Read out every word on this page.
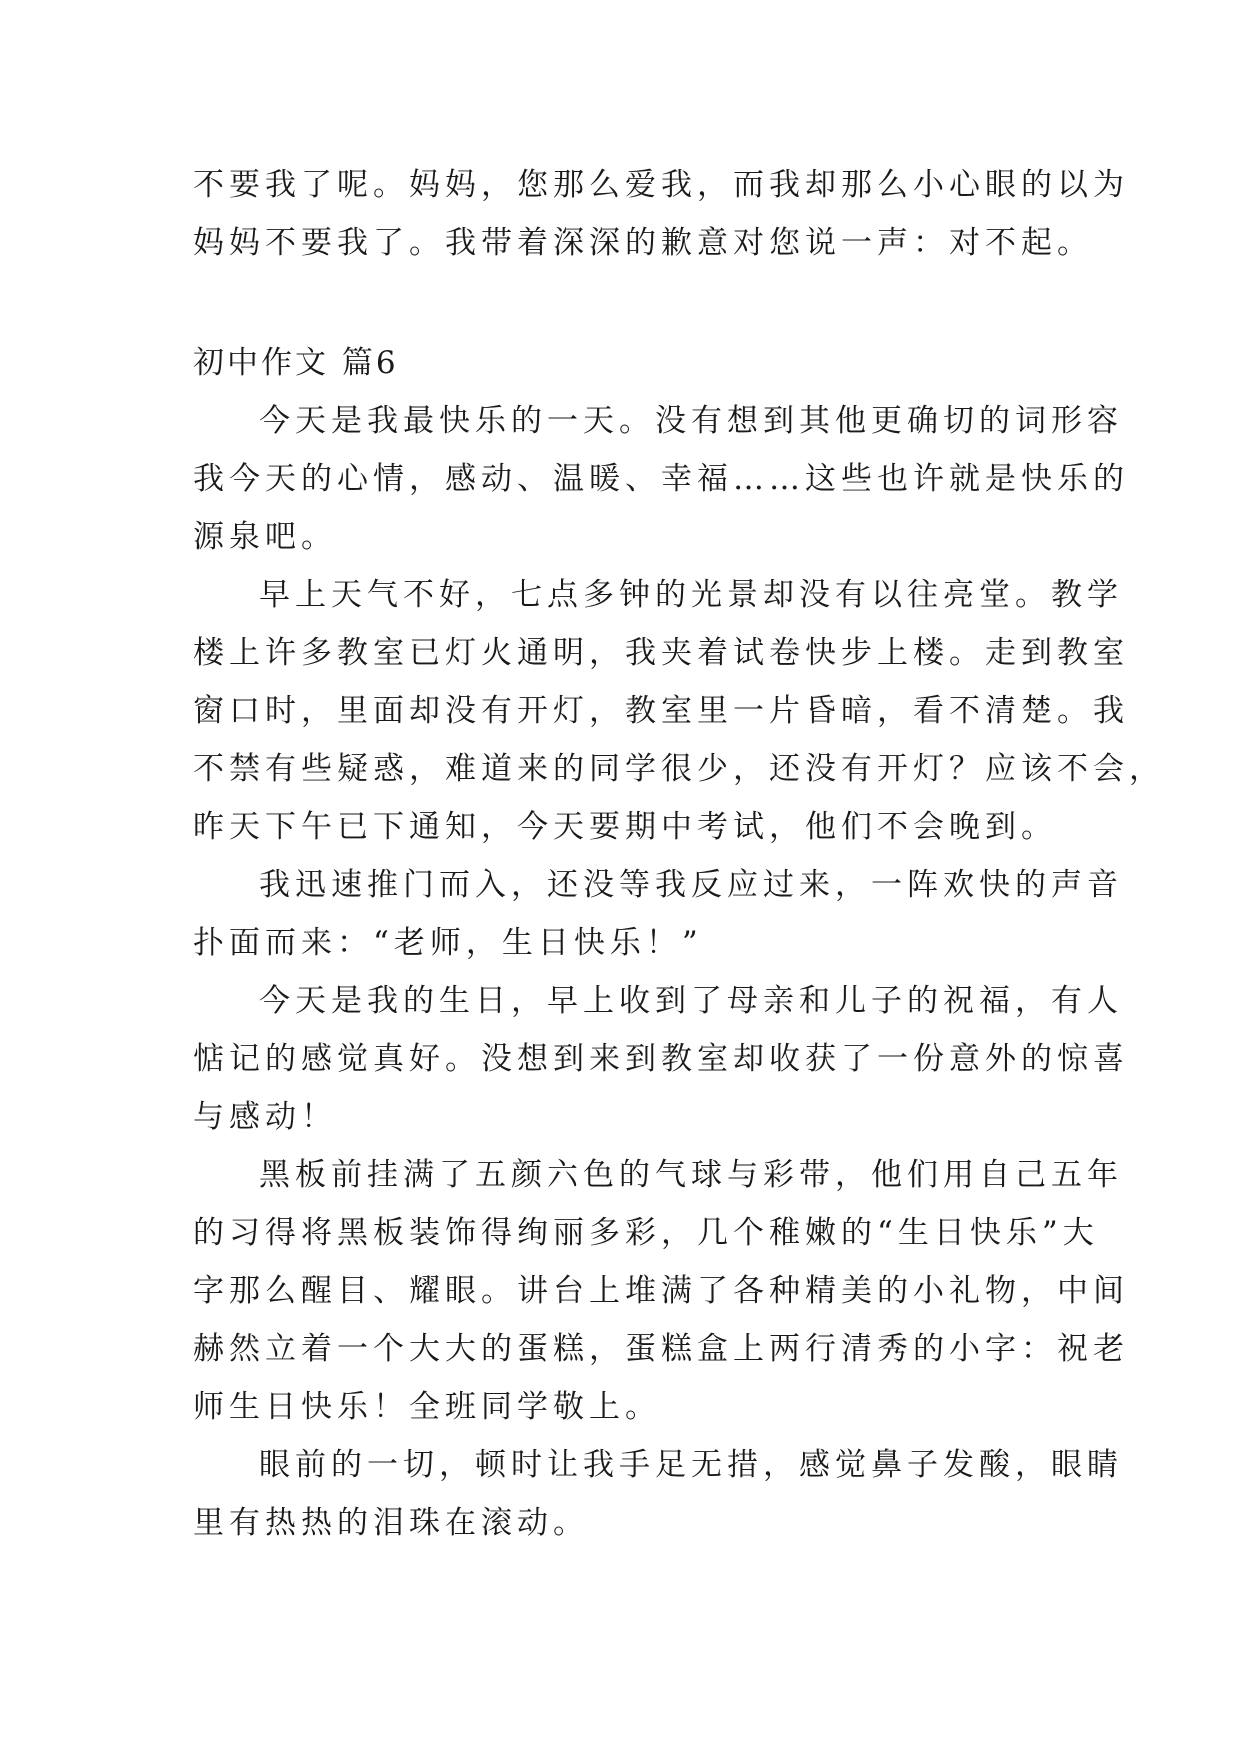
不要我了呢。妈妈，您那么爱我，而我却那么小心眼的以为
妈妈不要我了。我带着深深的歉意对您说一声：对不起。
初中作文 篇6
今天是我最快乐的一天。没有想到其他更确切的词形容
我今天的心情，感动、温暖、幸福……这些也许就是快乐的
源泉吧。
早上天气不好，七点多钟的光景却没有以往亮堂。教学
楼上许多教室已灯火通明，我夹着试卷快步上楼。走到教室
窗口时，里面却没有开灯，教室里一片昏暗，看不清楚。我
不禁有些疑惑，难道来的同学很少，还没有开灯？应该不会，
昨天下午已下通知，今天要期中考试，他们不会晚到。
我迅速推门而入，还没等我反应过来，一阵欢快的声音
扑面而来：“老师，生日快乐！”
今天是我的生日，早上收到了母亲和儿子的祝福，有人
惦记的感觉真好。没想到来到教室却收获了一份意外的惊喜
与感动！
黑板前挂满了五颜六色的气球与彩带，他们用自己五年
的习得将黑板装饰得绚丽多彩，几个稚嫩的“生日快乐”大
字那么醒目、耀眼。讲台上堆满了各种精美的小礼物，中间
赫然立着一个大大的蛋糕，蛋糕盒上两行清秀的小字：祝老
师生日快乐！全班同学敬上。
眼前的一切，顿时让我手足无措，感觉鼻子发酸，眼睛
里有热热的泪珠在滚动。
